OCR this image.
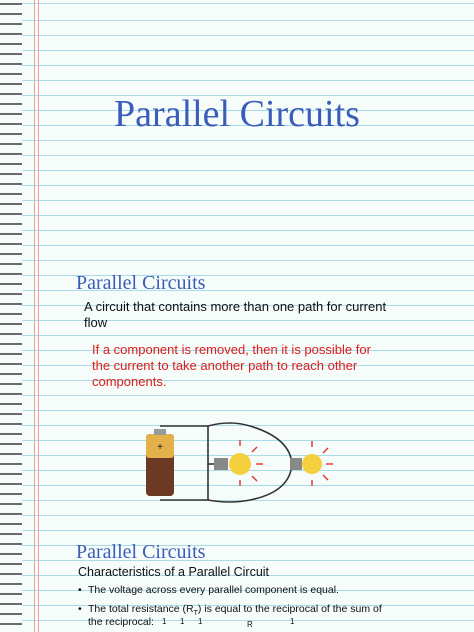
Parallel Circuits
Parallel Circuits
A circuit that contains more than one path for current flow
If a component is removed, then it is possible for the current to take another path to reach other components.
+
Parallel Circuits
Characteristics of a Parallel Circuit
• The voltage across every parallel component is equal.
• The total resistance $(R_T)$ is equal to the reciprocal of the sum of
the reciprocal: 1 1 1	R	1
